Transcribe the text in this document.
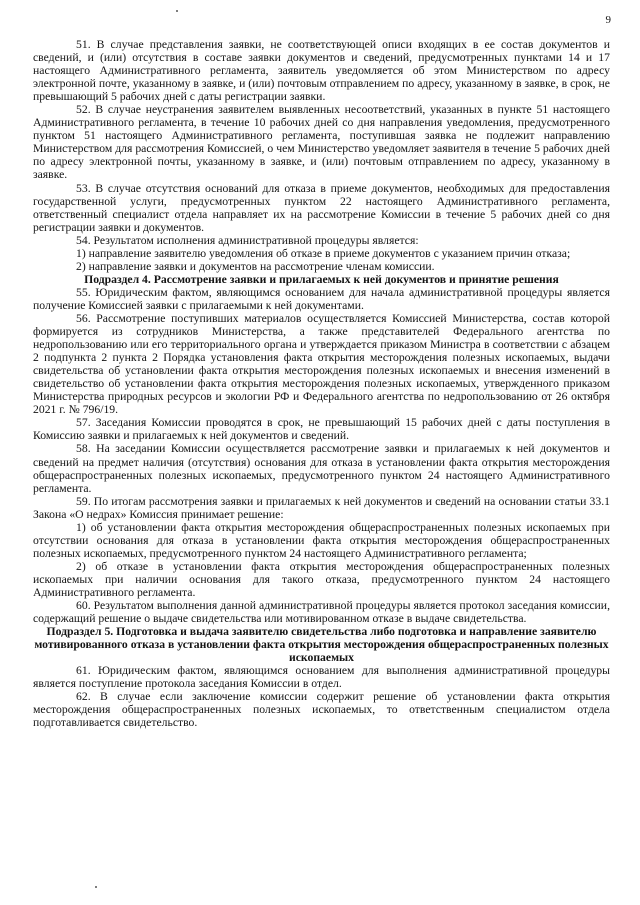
9

51. В случае представления заявки, не соответствующей описи входящих в ее состав документов и сведений, и (или) отсутствия в составе заявки документов и сведений, предусмотренных пунктами 14 и 17 настоящего Административного регламента, заявитель уведомляется об этом Министерством по адресу электронной почте, указанному в заявке, и (или) почтовым отправлением по адресу, указанному в заявке, в срок, не превышающий 5 рабочих дней с даты регистрации заявки.

52. В случае неустранения заявителем выявленных несоответствий, указанных в пункте 51 настоящего Административного регламента, в течение 10 рабочих дней со дня направления уведомления, предусмотренного пунктом 51 настоящего Административного регламента, поступившая заявка не подлежит направлению Министерством для рассмотрения Комиссией, о чем Министерство уведомляет заявителя в течение 5 рабочих дней по адресу электронной почты, указанному в заявке, и (или) почтовым отправлением по адресу, указанному в заявке.

53. В случае отсутствия оснований для отказа в приеме документов, необходимых для предоставления государственной услуги, предусмотренных пунктом 22 настоящего Административного регламента, ответственный специалист отдела направляет их на рассмотрение Комиссии в течение 5 рабочих дней со дня регистрации заявки и документов.

54. Результатом исполнения административной процедуры является:

1) направление заявителю уведомления об отказе в приеме документов с указанием причин отказа;

2) направление заявки и документов на рассмотрение членам комиссии.

Подраздел 4. Рассмотрение заявки и прилагаемых к ней документов и принятие решения

55. Юридическим фактом, являющимся основанием для начала административной процедуры является получение Комиссией заявки с прилагаемыми к ней документами.

56. Рассмотрение поступивших материалов осуществляется Комиссией Министерства, состав которой формируется из сотрудников Министерства, а также представителей Федерального агентства по недропользованию или его территориального органа и утверждается приказом Министра в соответствии с абзацем 2 подпункта 2 пункта 2 Порядка установления факта открытия месторождения полезных ископаемых, выдачи свидетельства об установлении факта открытия месторождения полезных ископаемых и внесения изменений в свидетельство об установлении факта открытия месторождения полезных ископаемых, утвержденного приказом Министерства природных ресурсов и экологии РФ и Федерального агентства по недропользованию от 26 октября 2021 г. № 796/19.

57. Заседания Комиссии проводятся в срок, не превышающий 15 рабочих дней с даты поступления в Комиссию заявки и прилагаемых к ней документов и сведений.

58. На заседании Комиссии осуществляется рассмотрение заявки и прилагаемых к ней документов и сведений на предмет наличия (отсутствия) основания для отказа в установлении факта открытия месторождения общераспространенных полезных ископаемых, предусмотренного пунктом 24 настоящего Административного регламента.

59. По итогам рассмотрения заявки и прилагаемых к ней документов и сведений на основании статьи 33.1 Закона «О недрах» Комиссия принимает решение:

1) об установлении факта открытия месторождения общераспространенных полезных ископаемых при отсутствии основания для отказа в установлении факта открытия месторождения общераспространенных полезных ископаемых, предусмотренного пунктом 24 настоящего Административного регламента;

2) об отказе в установлении факта открытия месторождения общераспространенных полезных ископаемых при наличии основания для такого отказа, предусмотренного пунктом 24 настоящего Административного регламента.

60. Результатом выполнения данной административной процедуры является протокол заседания комиссии, содержащий решение о выдаче свидетельства или мотивированном отказе в выдаче свидетельства.

Подраздел 5. Подготовка и выдача заявителю свидетельства либо подготовка и направление заявителю мотивированного отказа в установлении факта открытия месторождения общераспространенных полезных ископаемых

61. Юридическим фактом, являющимся основанием для выполнения административной процедуры является поступление протокола заседания Комиссии в отдел.

62. В случае если заключение комиссии содержит решение об установлении факта открытия месторождения общераспространенных полезных ископаемых, то ответственным специалистом отдела подготавливается свидетельство.
